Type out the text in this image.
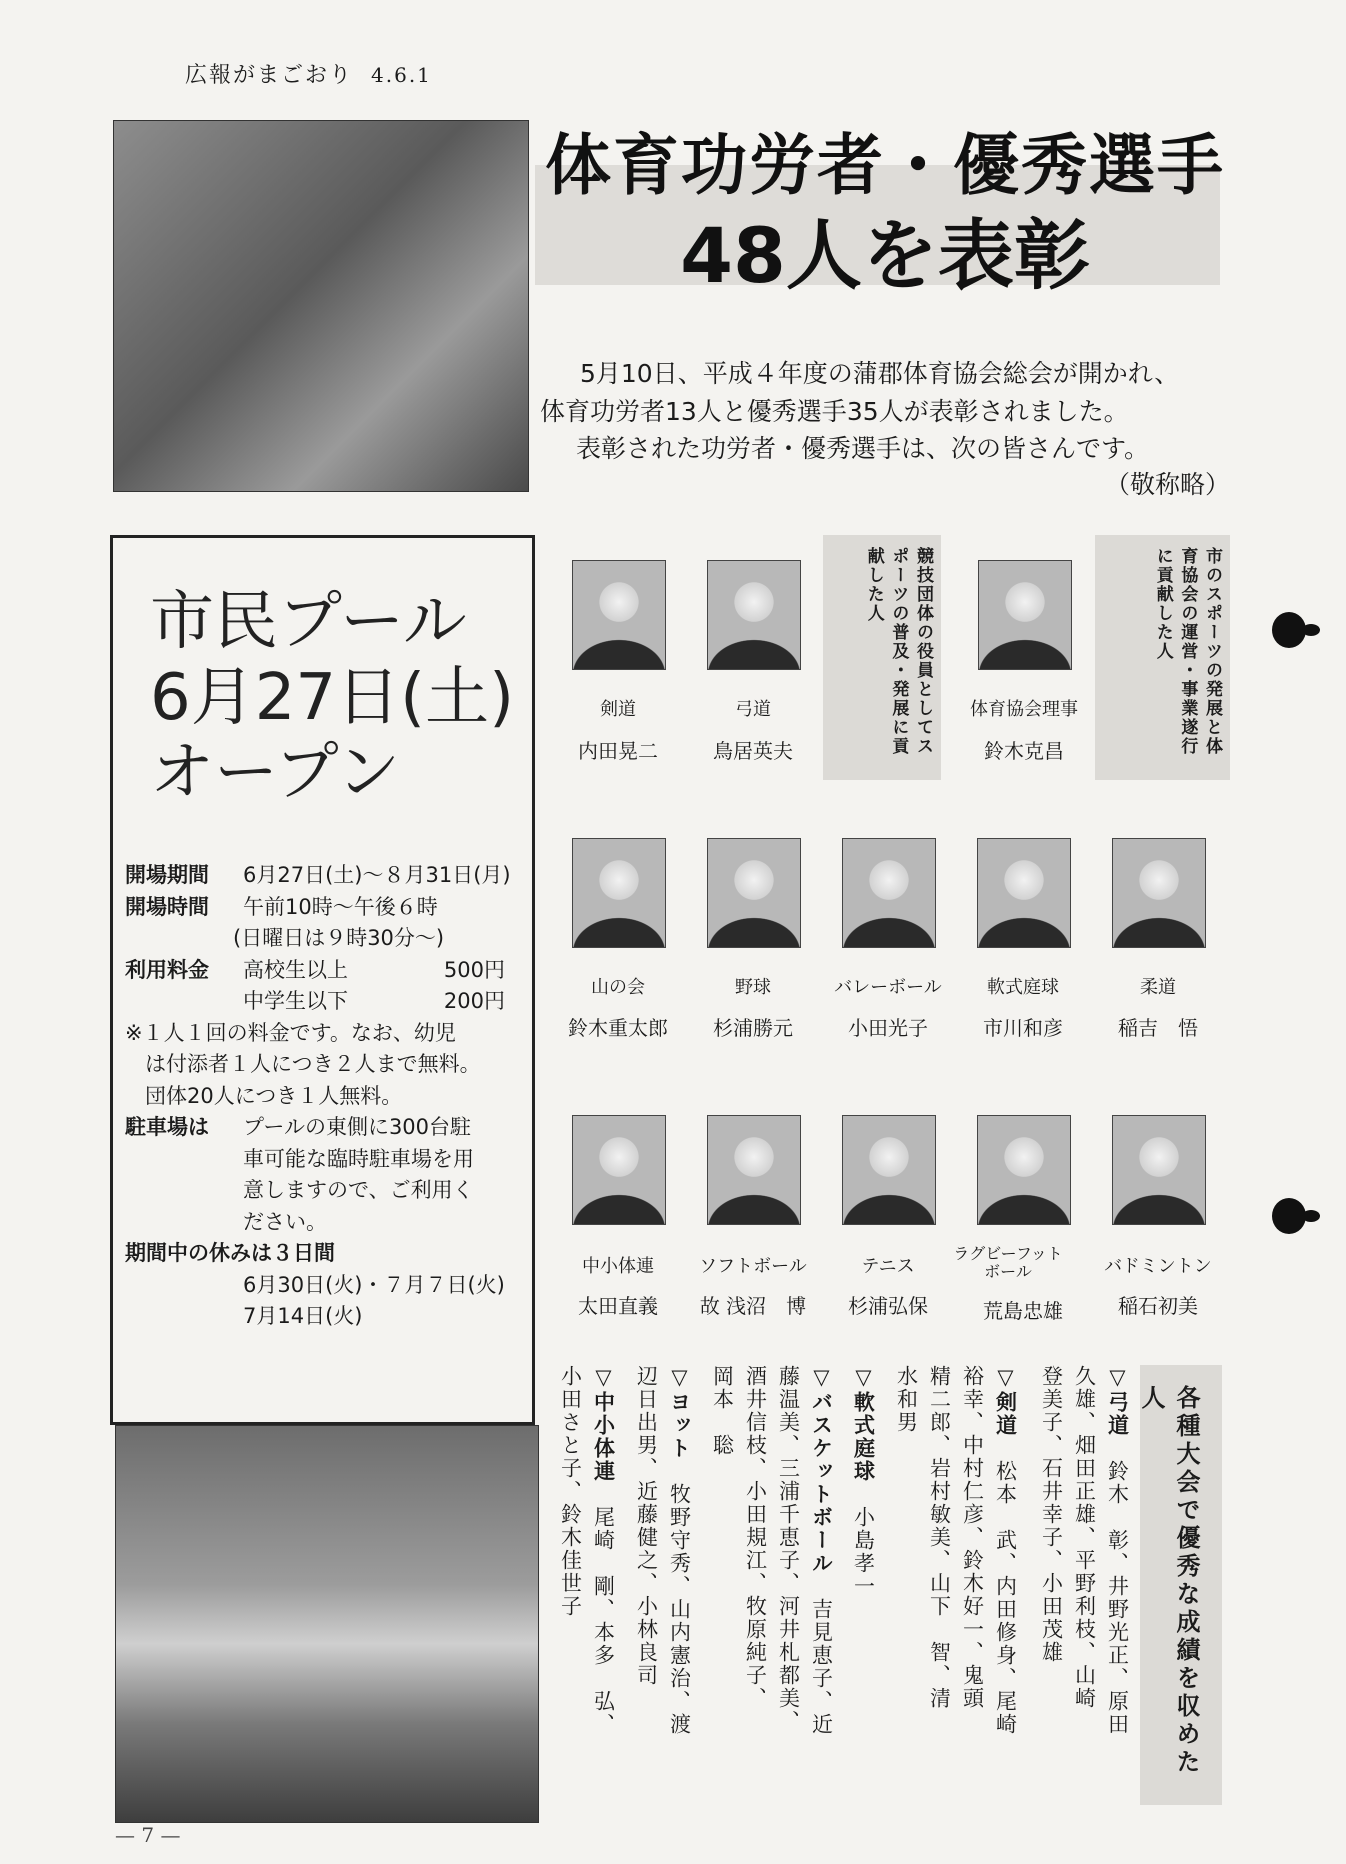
広報がまごおり 4.6.1
体育功労者・優秀選手
48人を表彰

5月10日、平成４年度の蒲郡体育協会総会が開かれ、

体育功労者13人と優秀選手35人が表彰されました。

表彰された功労者・優秀選手は、次の皆さんです。

（敬称略）

市民プール
6月27日(土)
オープン
開場期間	6月27日(土)〜８月31日(月)
開場時間	午前10時〜午後６時
(日曜日は９時30分〜)
利用料金	高校生以上	500円
中学生以下	200円
※１人１回の料金です。なお、幼児
は付添者１人につき２人まで無料。
団体20人につき１人無料。
駐車場は	プールの東側に300台駐
車可能な臨時駐車場を用
意しますので、ご利用く
ださい。
期間中の休みは３日間
6月30日(火)・７月７日(火)
7月14日(火)
競技団体の役員としてスポーツの普及・発展に貢献した人	市のスポーツの発展と体育協会の運営・事業遂行に貢献した人
剣道
内田晃二
弓道
鳥居英夫
体育協会理事
鈴木克昌
山の会
鈴木重太郎
野球
杉浦勝元
バレーボール
小田光子
軟式庭球
市川和彦
柔道
稲吉　悟
中小体連
太田直義
ソフトボール
故 浅沼　博
テニス
杉浦弘保
ラグビーフットボール
荒島忠雄
バドミントン
稲石初美
各種大会で優秀な成績を収めた人
▽弓道　鈴木　彰、井野光正、原田
久雄、畑田正雄、平野利枝、山崎
登美子、石井幸子、小田茂雄
▽剣道　松本　武、内田修身、尾崎
裕幸、中村仁彦、鈴木好一、鬼頭
精二郎、岩村敏美、山下　智、清
水和男
▽軟式庭球　小島孝一
▽バスケットボール　吉見恵子、近
藤温美、三浦千恵子、河井札都美、
酒井信枝、小田規江、牧原純子、
岡本　聡
▽ヨット　牧野守秀、山内憲治、渡
辺日出男、近藤健之、小林良司
▽中小体連　尾崎　剛、本多　弘、
小田さと子、鈴木佳世子
— 7 —
